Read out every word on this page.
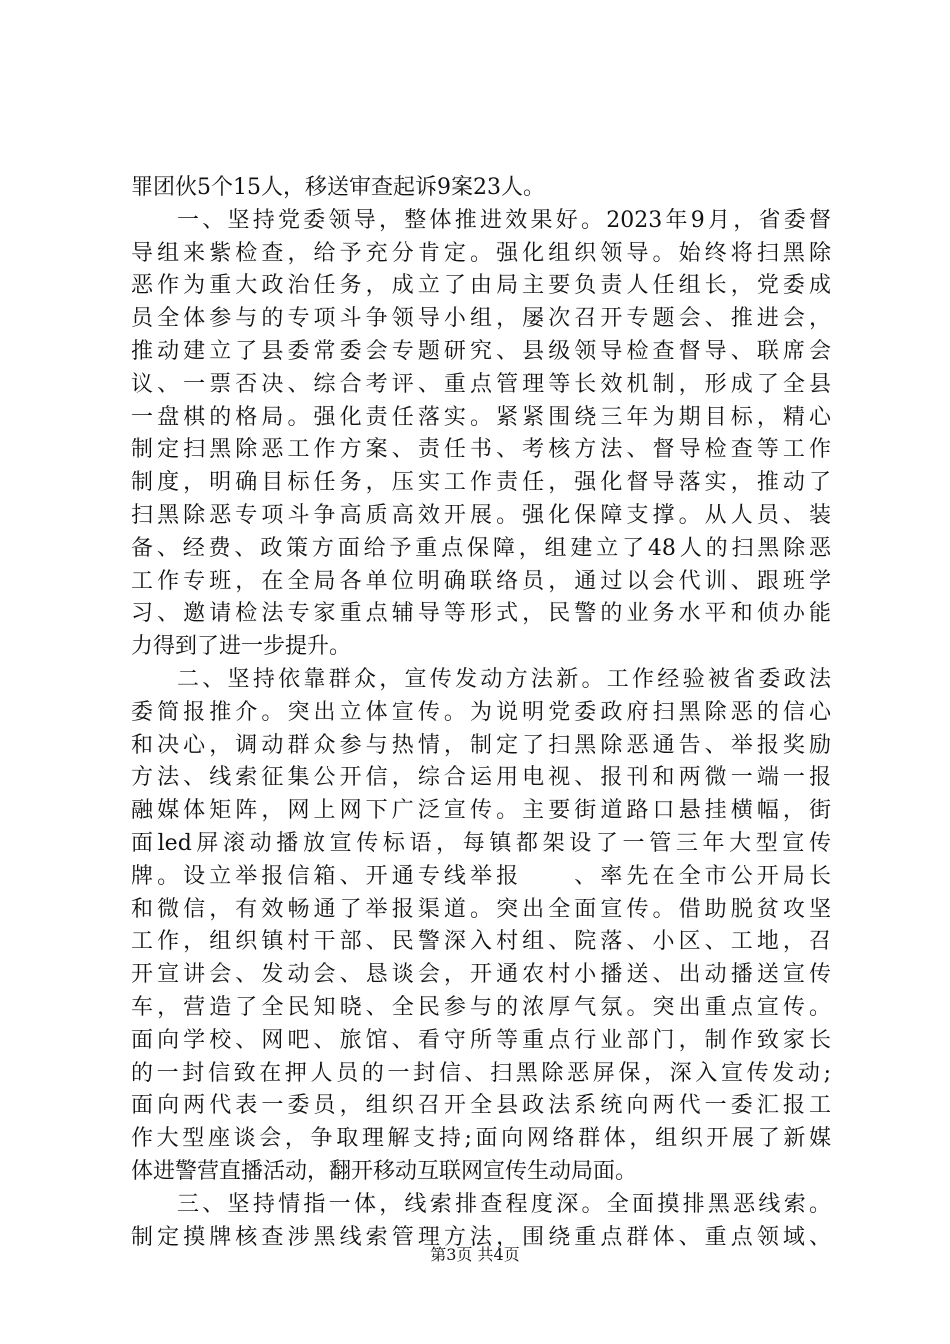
罪团伙5个15人，移送审查起诉9案23人。
一、坚持党委领导，整体推进效果好。2023年9月，省委督
导组来紫检查，给予充分肯定。强化组织领导。始终将扫黑除
恶作为重大政治任务，成立了由局主要负责人任组长，党委成
员全体参与的专项斗争领导小组，屡次召开专题会、推进会，
推动建立了县委常委会专题研究、县级领导检查督导、联席会
议、一票否决、综合考评、重点管理等长效机制，形成了全县
一盘棋的格局。强化责任落实。紧紧围绕三年为期目标，精心
制定扫黑除恶工作方案、责任书、考核方法、督导检查等工作
制度，明确目标任务，压实工作责任，强化督导落实，推动了
扫黑除恶专项斗争高质高效开展。强化保障支撑。从人员、装
备、经费、政策方面给予重点保障，组建立了48人的扫黑除恶
工作专班，在全局各单位明确联络员，通过以会代训、跟班学
习、邀请检法专家重点辅导等形式，民警的业务水平和侦办能
力得到了进一步提升。
二、坚持依靠群众，宣传发动方法新。工作经验被省委政法
委简报推介。突出立体宣传。为说明党委政府扫黑除恶的信心
和决心，调动群众参与热情，制定了扫黑除恶通告、举报奖励
方法、线索征集公开信，综合运用电视、报刊和两微一端一报
融媒体矩阵，网上网下广泛宣传。主要街道路口悬挂横幅，街
面led屏滚动播放宣传标语，每镇都架设了一管三年大型宣传
牌。设立举报信箱、开通专线举报　　、率先在全市公开局长
和微信，有效畅通了举报渠道。突出全面宣传。借助脱贫攻坚
工作，组织镇村干部、民警深入村组、院落、小区、工地，召
开宣讲会、发动会、恳谈会，开通农村小播送、出动播送宣传
车，营造了全民知晓、全民参与的浓厚气氛。突出重点宣传。
面向学校、网吧、旅馆、看守所等重点行业部门，制作致家长
的一封信致在押人员的一封信、扫黑除恶屏保，深入宣传发动;
面向两代表一委员，组织召开全县政法系统向两代一委汇报工
作大型座谈会，争取理解支持;面向网络群体，组织开展了新媒
体进警营直播活动，翻开移动互联网宣传生动局面。
三、坚持情指一体，线索排查程度深。全面摸排黑恶线索。
制定摸牌核查涉黑线索管理方法，围绕重点群体、重点领域、
第3页 共4页
